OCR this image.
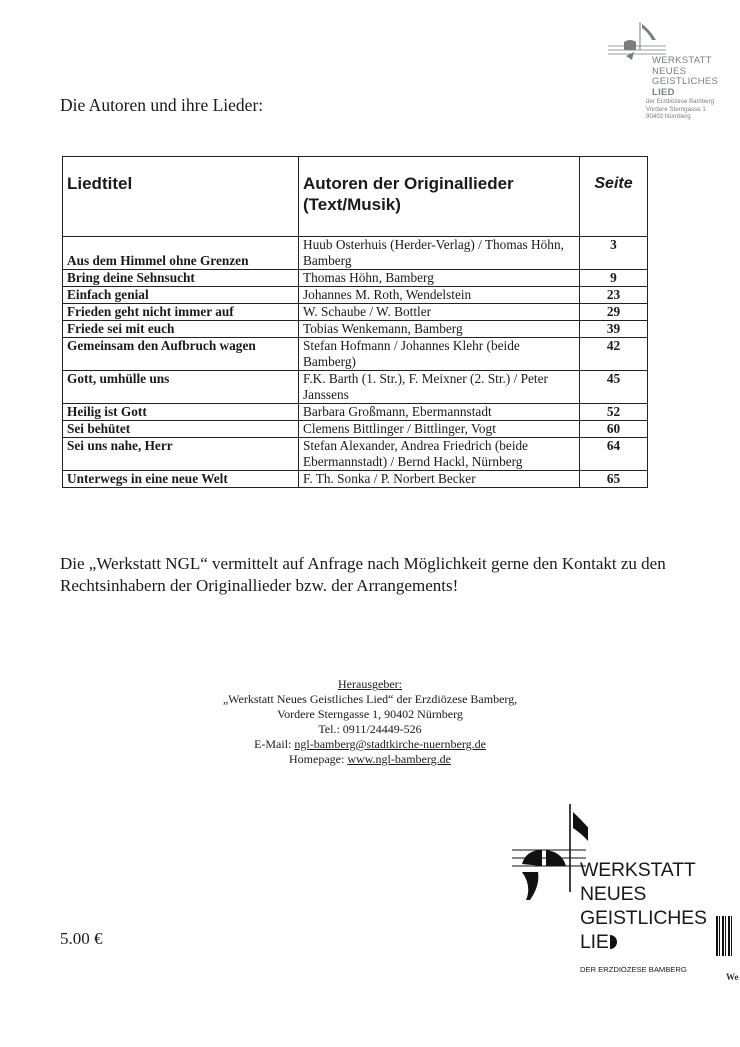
WERKSTATT
NEUES
GEISTLICHES
LIED
der Erzdiözese Bamberg
Vordere Sterngasse 1
90402 Nürnberg
Die Autoren und ihre Lieder:
Liedtitel	Autoren der Originallieder (Text/Musik)	Seite
Aus dem Himmel ohne Grenzen	Huub Osterhuis (Herder-Verlag) / Thomas Höhn, Bamberg	3
Bring deine Sehnsucht	Thomas Höhn, Bamberg	9
Einfach genial	Johannes M. Roth, Wendelstein	23
Frieden geht nicht immer auf	W. Schaube / W. Bottler	29
Friede sei mit euch	Tobias Wenkemann, Bamberg	39
Gemeinsam den Aufbruch wagen	Stefan Hofmann / Johannes Klehr (beide Bamberg)	42
Gott, umhülle uns	F.K. Barth (1. Str.), F. Meixner (2. Str.) / Peter Janssens	45
Heilig ist Gott	Barbara Großmann, Ebermannstadt	52
Sei behütet	Clemens Bittlinger / Bittlinger, Vogt	60
Sei uns nahe, Herr	Stefan Alexander, Andrea Friedrich (beide Ebermannstadt) / Bernd Hackl, Nürnberg	64
Unterwegs in eine neue Welt	F. Th. Sonka / P. Norbert Becker	65
Die „Werkstatt NGL“ vermittelt auf Anfrage nach Möglichkeit gerne den Kontakt zu den Rechtsinhabern der Originallieder bzw. der Arrangements!
Herausgeber:
„Werkstatt Neues Geistliches Lied“ der Erzdiözese Bamberg,
Vordere Sterngasse 1, 90402 Nürnberg
Tel.: 0911/24449-526
E-Mail: ngl-bamberg@stadtkirche-nuernberg.de
Homepage: www.ngl-bamberg.de
5.00 €
WERKSTATT
NEUES
GEISTLICHES
LIE
DER ERZDIÖZESE BAMBERG
We
